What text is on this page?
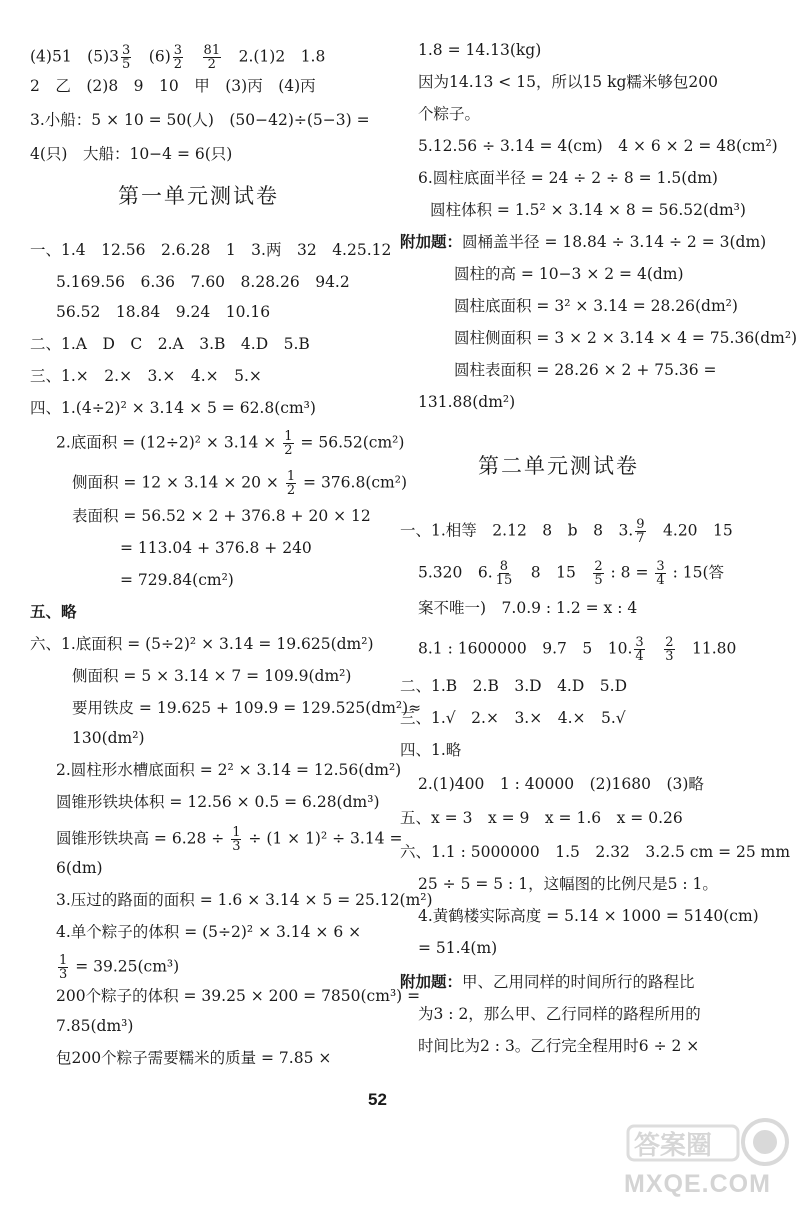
(4)51　$(5)3 \frac{3}{5}$ 　$(6) \frac{3}{2}$
　 $\frac{81}{2}$ 　2.(1)2　1.8
2　乙　(2)8　9　10　甲　(3)丙　(4)丙
3.小船：5 × 10 = 50(人)　(50−42)÷(5−3) =
4(只)　大船：10−4 = 6(只)
第一单元测试卷
一、1.4　12.56　2.6.28　1　3.两　32　4.25.12
5.169.56　6.36　7.60　8.28.26　94.2
56.52　18.84　9.24　10.16
二、1.A　D　C　2.A　3.B　4.D　5.B
三、1.×　2.×　3.×　4.×　5.×
四、1.(4÷2)² × 3.14 × 5 = 62.8(cm³)
2.底面积 = $(12\div 2)^2 \times 3.14 \times \frac{1}{2} = 56.52(cm^2)$
侧面积 = $12 \times 3.14 \times 20 \times \frac{1}{2} = 376.8(cm^2)$
表面积 = 56.52 × 2 + 376.8 + 20 × 12
= 113.04 + 376.8 + 240
= 729.84(cm²)
五、略
六、1.底面积 = (5÷2)² × 3.14 = 19.625(dm²)
侧面积 = 5 × 3.14 × 7 = 109.9(dm²)
要用铁皮 = 19.625 + 109.9 = 129.525(dm²)≈
130(dm²)
2.圆柱形水槽底面积 = 2² × 3.14 = 12.56(dm²)
圆锥形铁块体积 = 12.56 × 0.5 = 6.28(dm³)
圆锥形铁块高 = $6.28 \div \frac{1}{3} \div (1 \times 1)^2 \div 3.14$ =
6(dm)
3.压过的路面的面积 = 1.6 × 3.14 × 5 = 25.12(m²)
4.单个粽子的体积 = (5÷2)² × 3.14 × 6 ×
$\frac{1}{3} = 39.25(cm^3)$
200个粽子的体积 = 39.25 × 200 = 7850(cm³) =
7.85(dm³)
包200个粽子需要糯米的质量 = 7.85 ×
1.8 = 14.13(kg)
因为14.13 < 15，所以15 kg糯米够包200
个粽子。
5.12.56 ÷ 3.14 = 4(cm)　4 × 6 × 2 = 48(cm²)
6.圆柱底面半径 = 24 ÷ 2 ÷ 8 = 1.5(dm)
圆柱体积 = 1.5² × 3.14 × 8 = 56.52(dm³)
附加题：圆桶盖半径 = 18.84 ÷ 3.14 ÷ 2 = 3(dm)
圆柱的高 = 10−3 × 2 = 4(dm)
圆柱底面积 = 3² × 3.14 = 28.26(dm²)
圆柱侧面积 = 3 × 2 × 3.14 × 4 = 75.36(dm²)
圆柱表面积 = 28.26 × 2 + 75.36 =
131.88(dm²)
第二单元测试卷
一、1.相等　2.12　8　b　8　3. $\frac{9}{7}$ 　4.20　15
5.320　6. $\frac{8}{15}$ 　8　15　 $\frac{2}{5}$ : $8 = \frac{3}{4}$ : 15(答
案不唯一)　7.0.9 : 1.2 = x : 4
8.1 : 1600000　9.7　5　10. $\frac{3}{4}$
　 $\frac{2}{3}$ 　11.80
二、1.B　2.B　3.D　4.D　5.D
三、1.√　2.×　3.×　4.×　5.√
四、1.略
2.(1)400　1 : 40000　(2)1680　(3)略
五、x = 3　x = 9　x = 1.6　x = 0.26
六、1.1 : 5000000　1.5　2.32　3.2.5 cm = 25 mm
25 ÷ 5 = 5 : 1，这幅图的比例尺是5 : 1。
4.黄鹤楼实际高度 = 5.14 × 1000 = 5140(cm)
= 51.4(m)
附加题：甲、乙用同样的时间所行的路程比
为3 : 2，那么甲、乙行同样的路程所用的
时间比为2 : 3。乙行完全程用时6 ÷ 2 ×
52
答案圈
MXQE.COM
